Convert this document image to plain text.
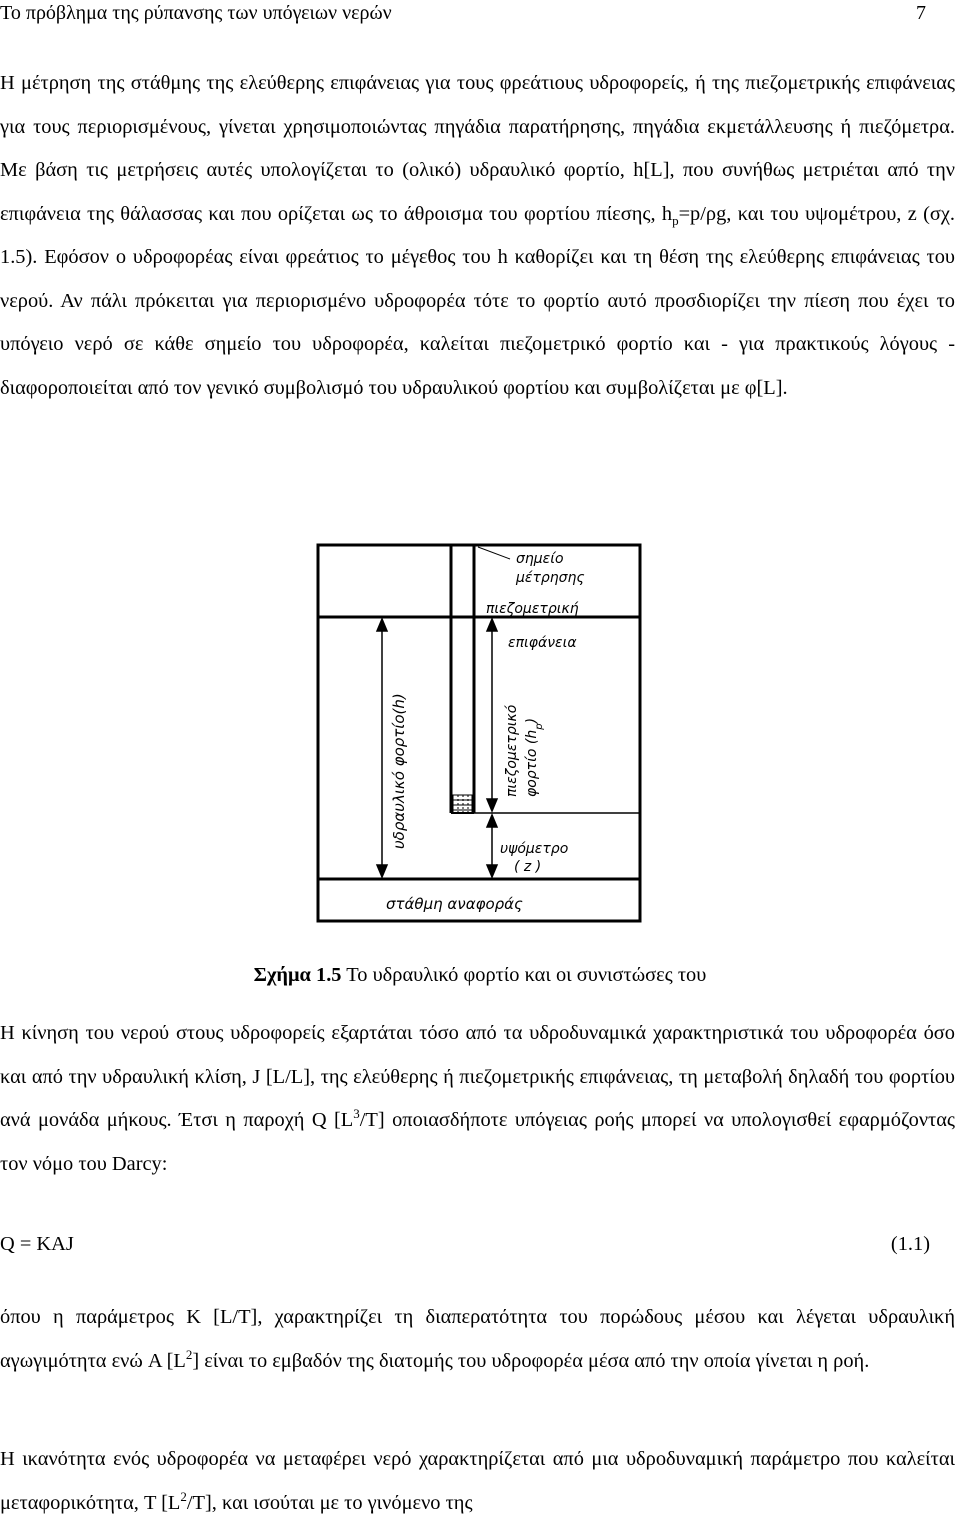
Το πρόβλημα της ρύπανσης των υπόγειων νερών	7
Η μέτρηση της στάθμης της ελεύθερης επιφάνειας για τους φρεάτιους υδροφορείς, ή της πιεζομετρικής επιφάνειας για τους περιορισμένους, γίνεται χρησιμοποιώντας πηγάδια παρατήρησης, πηγάδια εκμετάλλευσης ή πιεζόμετρα. Με βάση τις μετρήσεις αυτές υπολογίζεται το (ολικό) υδραυλικό φορτίο, h[L], που συνήθως μετριέται από την επιφάνεια της θάλασσας και που ορίζεται ως το άθροισμα του φορτίου πίεσης, $h_p=p/\rho g$, και του υψομέτρου, z (σχ. 1.5). Εφόσον ο υδροφορέας είναι φρεάτιος το μέγεθος του h καθορίζει και τη θέση της ελεύθερης επιφάνειας του νερού. Αν πάλι πρόκειται για περιορισμένο υδροφορέα τότε το φορτίο αυτό προσδιορίζει την πίεση που έχει το υπόγειο νερό σε κάθε σημείο του υδροφορέα, καλείται πιεζομετρικό φορτίο και - για πρακτικούς λόγους - διαφοροποιείται από τον γενικό συμβολισμό του υδραυλικού φορτίου και συμβολίζεται με φ[L].
σημείο
μέτρησης
πιεζομετρική
επιφάνεια
υδραυλικό φορτίο(h)	πιεζομετρικό φορτίο $(h_p)$
υψόμετρο
( z )
στάθμη αναφοράς
Σχήμα 1.5 Το υδραυλικό φορτίο και οι συνιστώσες του
Η κίνηση του νερού στους υδροφορείς εξαρτάται τόσο από τα υδροδυναμικά χαρακτηριστικά του υδροφορέα όσο και από την υδραυλική κλίση, J [L/L], της ελεύθερης ή πιεζομετρικής επιφάνειας, τη μεταβολή δηλαδή του φορτίου ανά μονάδα μήκους. Έτσι η παροχή Q $[L^3/T]$ οποιασδήποτε υπόγειας ροής μπορεί να υπολογισθεί εφαρμόζοντας τον νόμο του Darcy:
Q = KAJ	(1.1)
όπου η παράμετρος K [L/T], χαρακτηρίζει τη διαπερατότητα του πορώδους μέσου και λέγεται υδραυλική αγωγιμότητα ενώ A $[L^2]$ είναι το εμβαδόν της διατομής του υδροφορέα μέσα από την οποία γίνεται η ροή.
Η ικανότητα ενός υδροφορέα να μεταφέρει νερό χαρακτηρίζεται από μια υδροδυναμική παράμετρο που καλείται μεταφορικότητα, T $[L^2/T]$, και ισούται με το γινόμενο της
